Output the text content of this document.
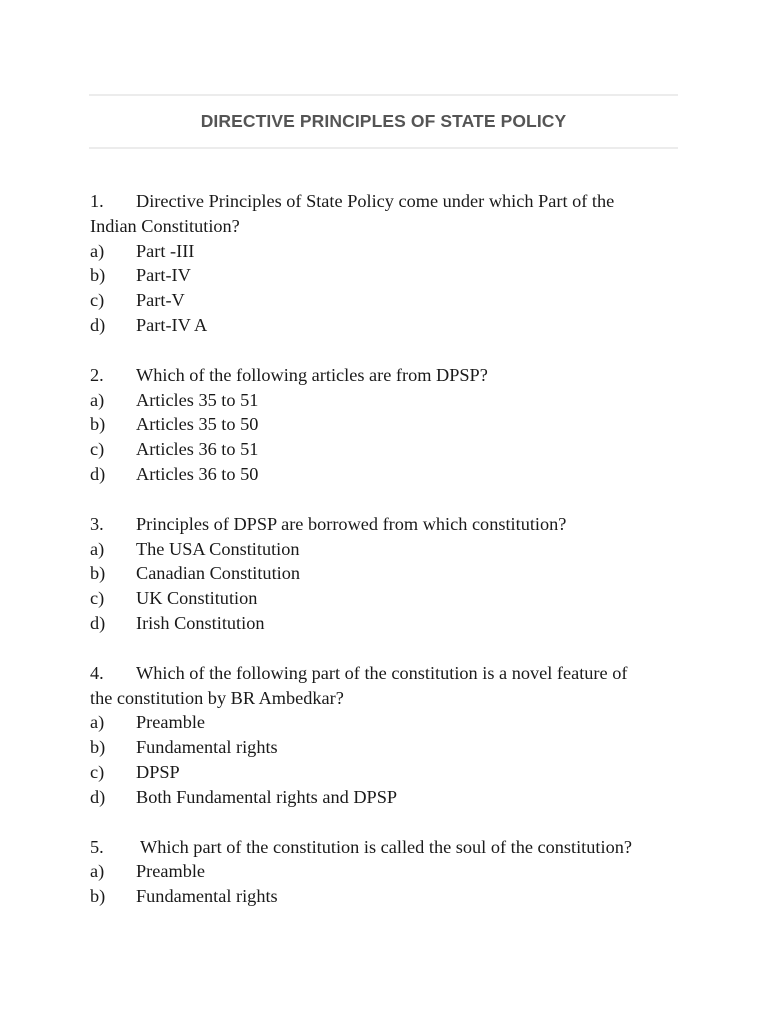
DIRECTIVE PRINCIPLES OF STATE POLICY
1. Directive Principles of State Policy come under which Part of the
Indian Constitution?
a) Part -III
b) Part-IV
c) Part-V
d) Part-IV A
2. Which of the following articles are from DPSP?
a) Articles 35 to 51
b) Articles 35 to 50
c) Articles 36 to 51
d) Articles 36 to 50
3. Principles of DPSP are borrowed from which constitution?
a) The USA Constitution
b) Canadian Constitution
c) UK Constitution
d) Irish Constitution
4. Which of the following part of the constitution is a novel feature of
the constitution by BR Ambedkar?
a) Preamble
b) Fundamental rights
c) DPSP
d) Both Fundamental rights and DPSP
5. Which part of the constitution is called the soul of the constitution?
a) Preamble
b) Fundamental rights
